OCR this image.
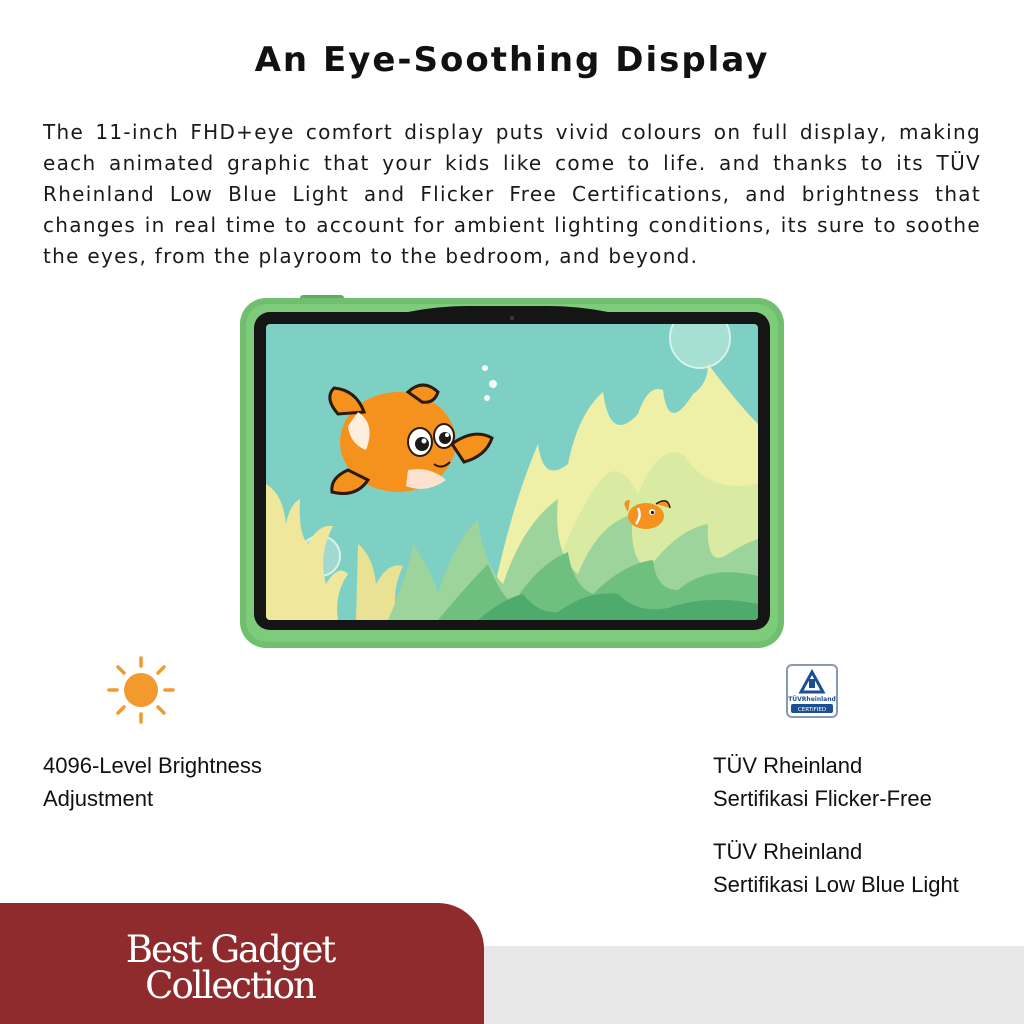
An Eye-Soothing Display

The 11-inch FHD+eye comfort display puts vivid colours on full display, making each animated graphic that your kids like come to life. and thanks to its TÜV Rheinland Low Blue Light and Flicker Free Certifications, and brightness that changes in real time to account for ambient lighting conditions, its sure to soothe the eyes, from the playroom to the bedroom, and beyond.

TÜVRheinland
CERTIFIED
4096-Level Brightness
Adjustment
TÜV Rheinland
Sertifikasi Flicker-Free
TÜV Rheinland
Sertifikasi Low Blue Light
Best Gadget
Collection
